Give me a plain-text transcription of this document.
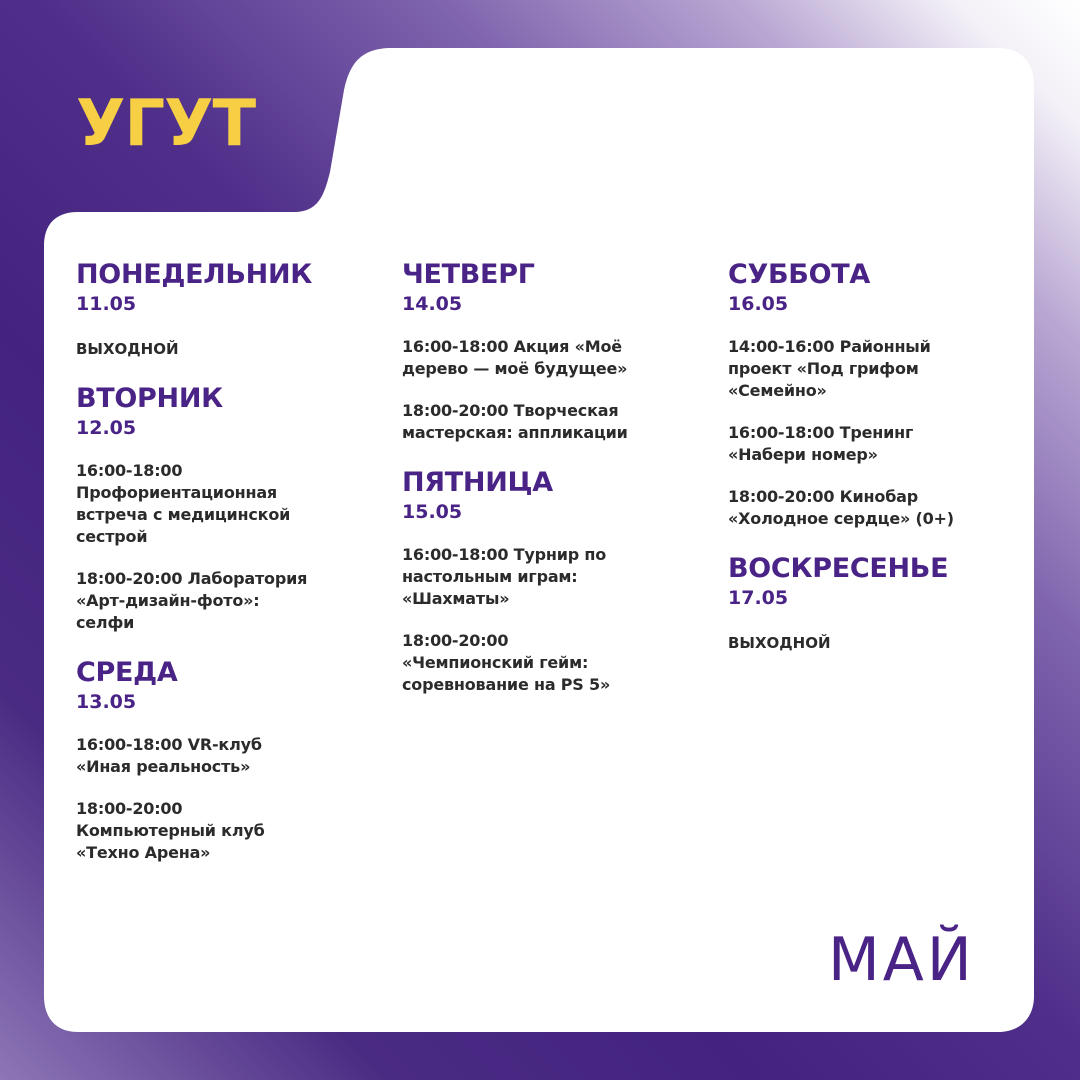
УГУТ
ПОНЕДЕЛЬНИК
11.05
ВЫХОДНОЙ
ВТОРНИК
12.05
16:00-18:00
Профориентационная
встреча с медицинской
сестрой
18:00-20:00 Лаборатория
«Арт-дизайн-фото»:
селфи
СРЕДА
13.05
16:00-18:00 VR-клуб
«Иная реальность»
18:00-20:00
Компьютерный клуб
«Техно Арена»
ЧЕТВЕРГ
14.05
16:00-18:00 Акция «Моё
дерево — моё будущее»
18:00-20:00 Творческая
мастерская: аппликации
ПЯТНИЦА
15.05
16:00-18:00 Турнир по
настольным играм:
«Шахматы»
18:00-20:00
«Чемпионский гейм:
соревнование на PS 5»
СУББОТА
16.05
14:00-16:00 Районный
проект «Под грифом
«Семейно»
16:00-18:00 Тренинг
«Набери номер»
18:00-20:00 Кинобар
«Холодное сердце» (0+)
ВОСКРЕСЕНЬЕ
17.05
ВЫХОДНОЙ
МАЙ
